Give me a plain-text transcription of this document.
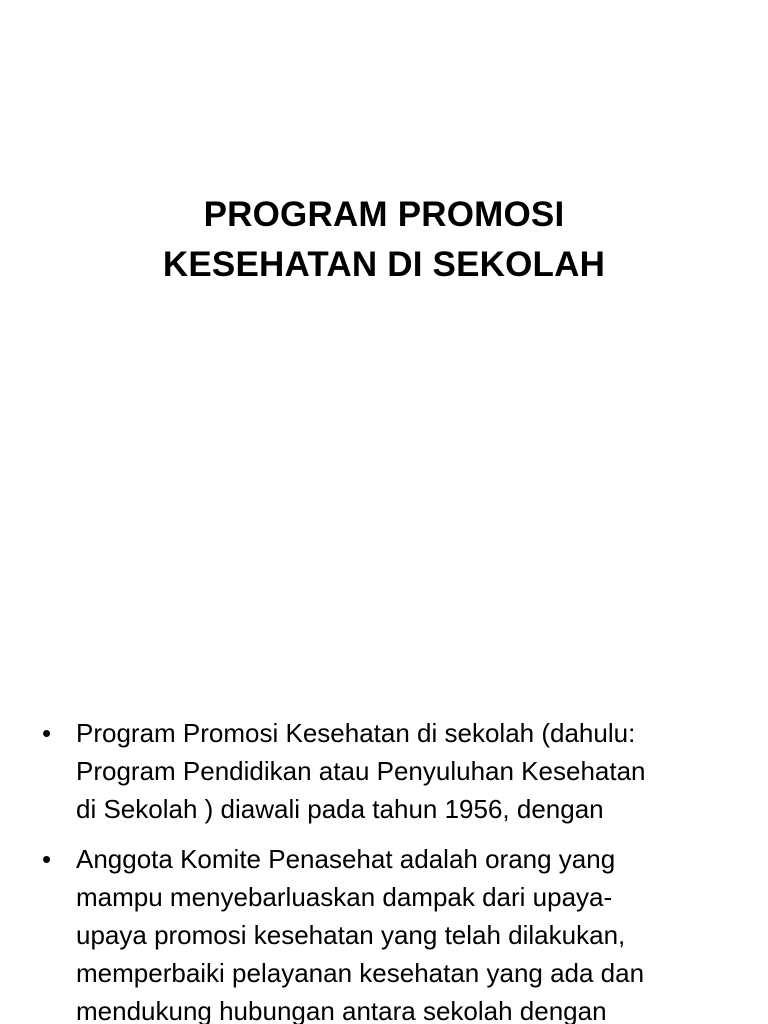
PROGRAM PROMOSI
KESEHATAN DI SEKOLAH
• Program Promosi Kesehatan di sekolah (dahulu:
Program Pendidikan atau Penyuluhan Kesehatan
di Sekolah ) diawali pada tahun 1956, dengan
• Anggota Komite Penasehat adalah orang yang
mampu menyebarluaskan dampak dari upaya-
upaya promosi kesehatan yang telah dilakukan,
memperbaiki pelayanan kesehatan yang ada dan
mendukung hubungan antara sekolah dengan
